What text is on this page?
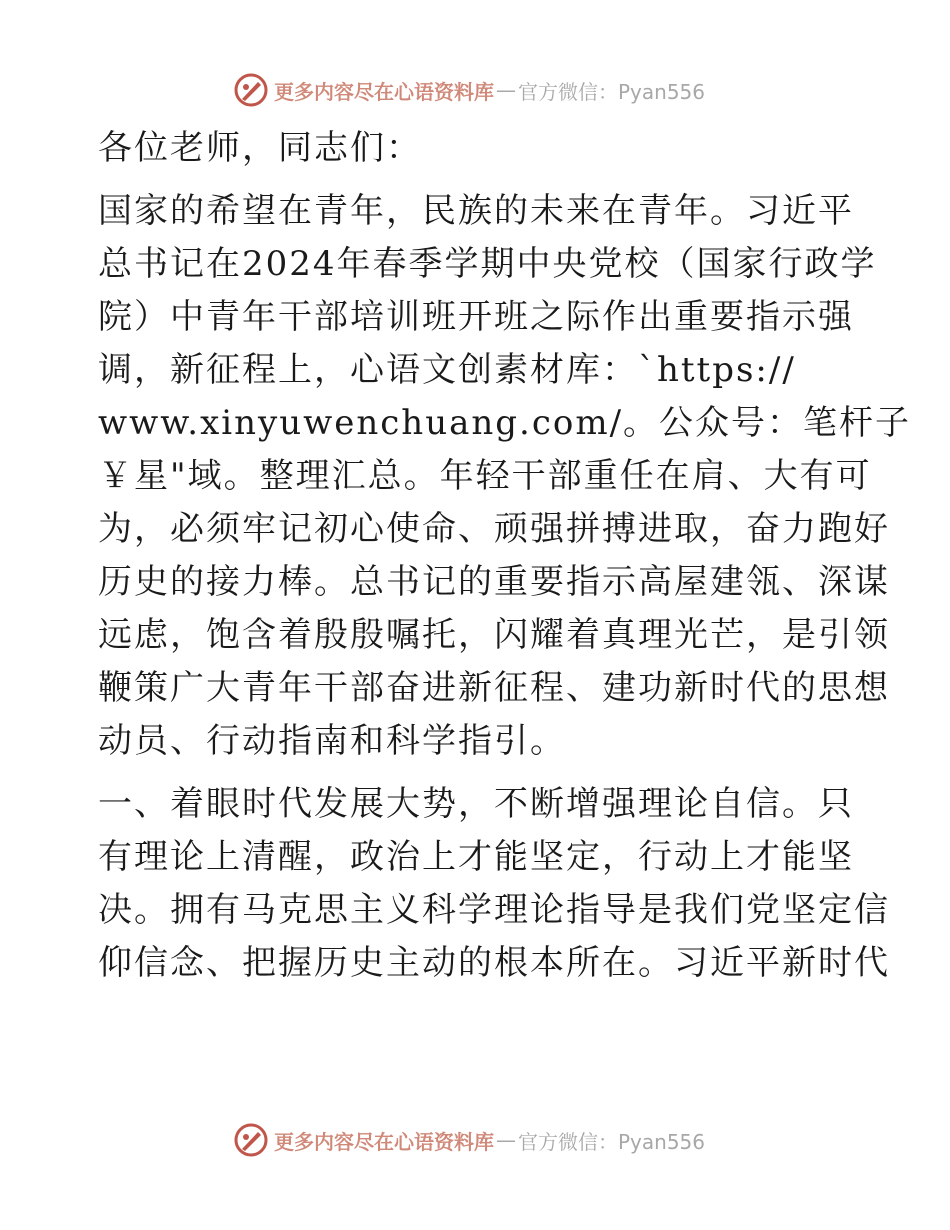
更多内容尽在心语资料库 — 官方微信：Pyan556
各位老师，同志们：
国家的希望在青年，民族的未来在青年。习近平
总书记在2024年春季学期中央党校（国家行政学
院）中青年干部培训班开班之际作出重要指示强
调，新征程上，心语文创素材库：`https://
www.xinyuwenchuang.com/。公众号：笔杆子
￥星"域。整理汇总。年轻干部重任在肩、大有可
为，必须牢记初心使命、顽强拼搏进取，奋力跑好
历史的接力棒。总书记的重要指示高屋建瓴、深谋
远虑，饱含着殷殷嘱托，闪耀着真理光芒，是引领
鞭策广大青年干部奋进新征程、建功新时代的思想
动员、行动指南和科学指引。
一、着眼时代发展大势，不断增强理论自信。只
有理论上清醒，政治上才能坚定，行动上才能坚
决。拥有马克思主义科学理论指导是我们党坚定信
仰信念、把握历史主动的根本所在。习近平新时代
更多内容尽在心语资料库 — 官方微信：Pyan556
